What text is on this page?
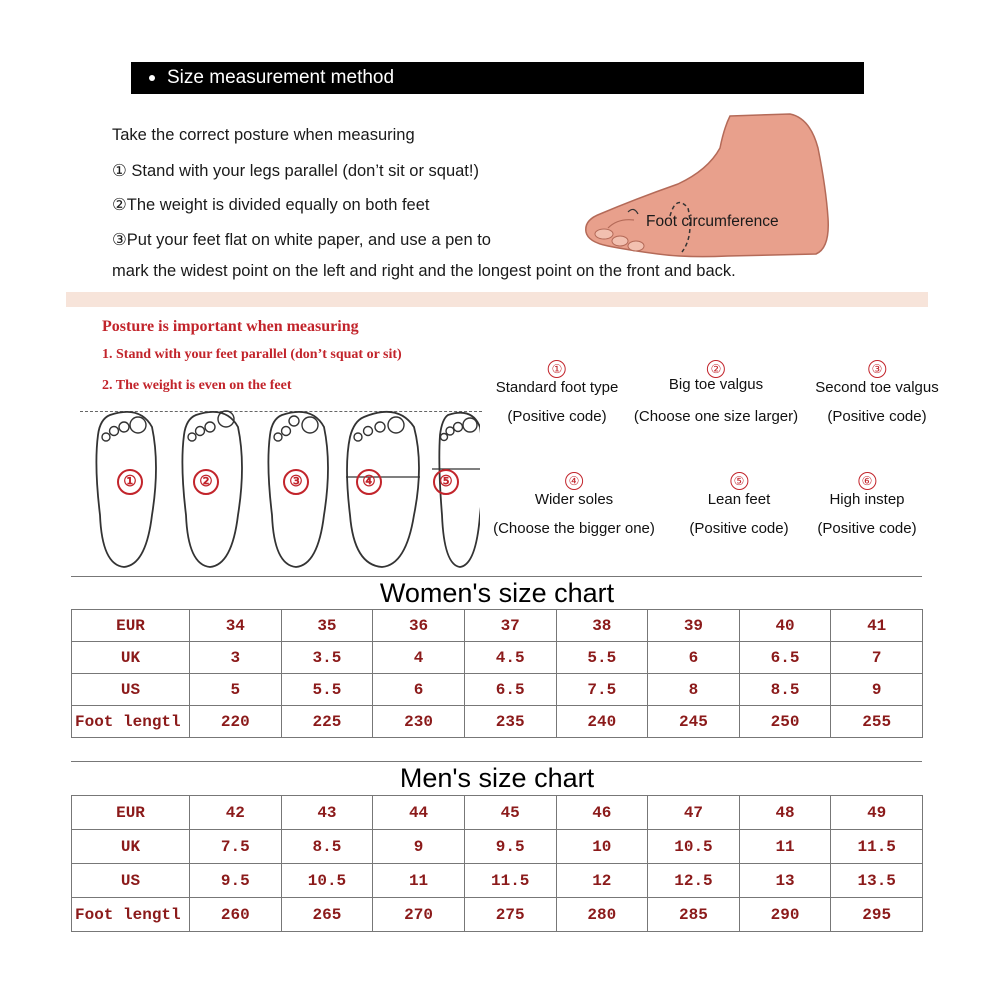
Size measurement method
Take the correct posture when measuring
① Stand with your legs parallel (don’t sit or squat!)
②The weight is divided equally on both feet
③Put your feet flat on white paper, and use a pen to
Foot circumference
mark the widest point on the left and right and the longest point on the front and back.
Posture is important when measuring
1. Stand with your feet parallel (don’t squat or sit)
2. The weight is even on the feet
①	②	③	④	⑤
①
Standard foot type
(Positive code)
②
Big toe valgus
(Choose one size larger)
③
Second toe valgus
(Positive code)
④
Wider soles
(Choose the bigger one)
⑤
Lean feet
(Positive code)
⑥
High instep
(Positive code)
Women's size chart								
EUR	34	35	36	37	38	39	40	41
UK	3	3.5	4	4.5	5.5	6	6.5	7
US	5	5.5	6	6.5	7.5	8	8.5	9
Foot lengtl	220	225	230	235	240	245	250	255
Men's size chart								
EUR	42	43	44	45	46	47	48	49
UK	7.5	8.5	9	9.5	10	10.5	11	11.5
US	9.5	10.5	11	11.5	12	12.5	13	13.5
Foot lengtl	260	265	270	275	280	285	290	295
